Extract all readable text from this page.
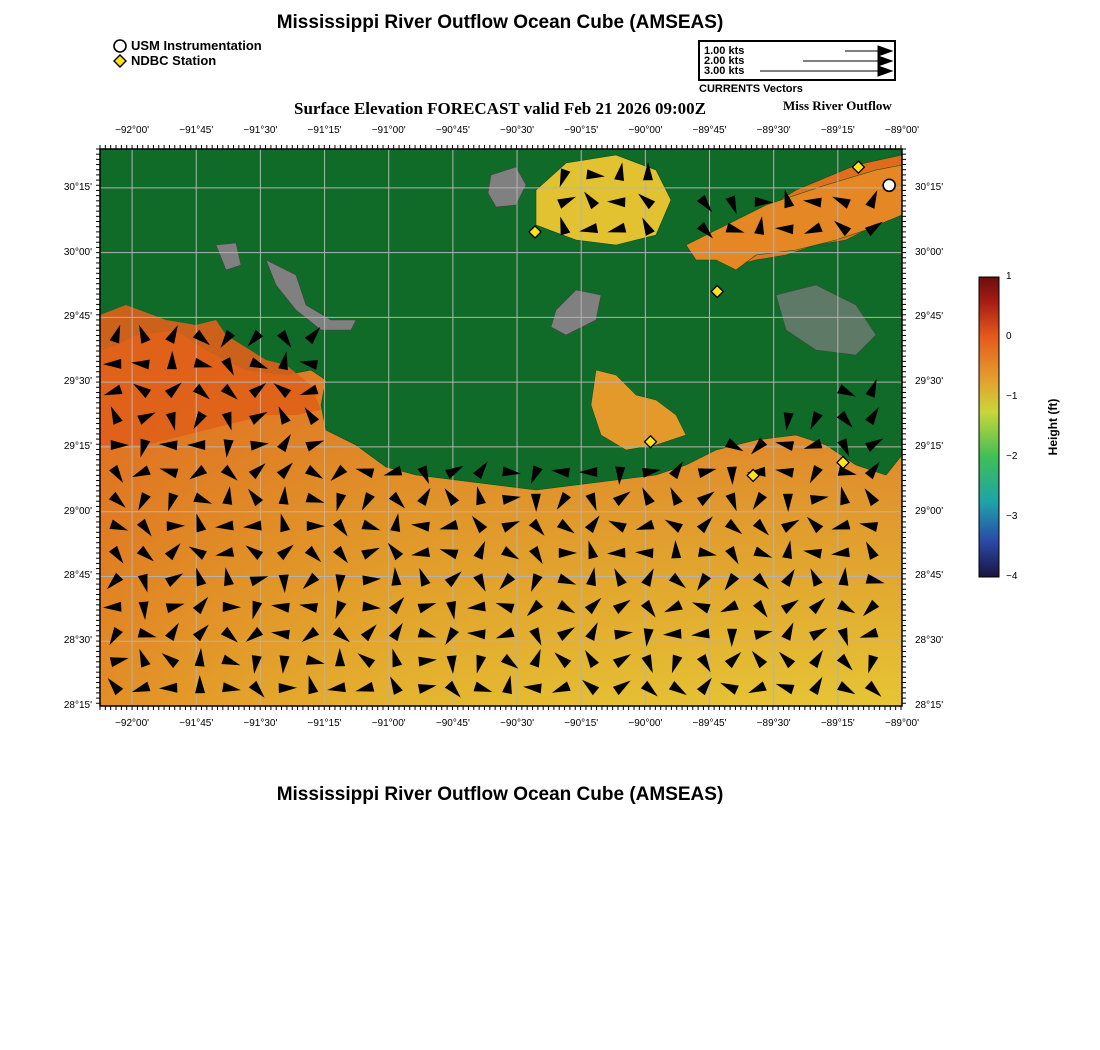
Mississippi River Outflow Ocean Cube (AMSEAS)
Surface Elevation FORECAST valid Feb 21 2026 09:00Z	Miss River Outflow
USM Instrumentation
NDBC Station
1.00 kts
2.00 kts
3.00 kts
CURRENTS Vectors
−92°00'	−91°45'	−91°30'	−91°15'	−91°00'	−90°45'	−90°30'	−90°15'	−90°00'	−89°45'	−89°30'	−89°15'	−89°00'
−92°00'	−91°45'	−91°30'	−91°15'	−91°00'	−90°45'	−90°30'	−90°15'	−90°00'	−89°45'	−89°30'	−89°15'	−89°00'
30°15'
30°00'
29°45'
29°30'
29°15'
29°00'
28°45'
28°30'
28°15'
30°15'
30°00'
29°45'
29°30'
29°15'
29°00'
28°45'
28°30'
28°15'
1
0
−1
−2
−3
−4
Height (ft)
Mississippi River Outflow Ocean Cube (AMSEAS)
